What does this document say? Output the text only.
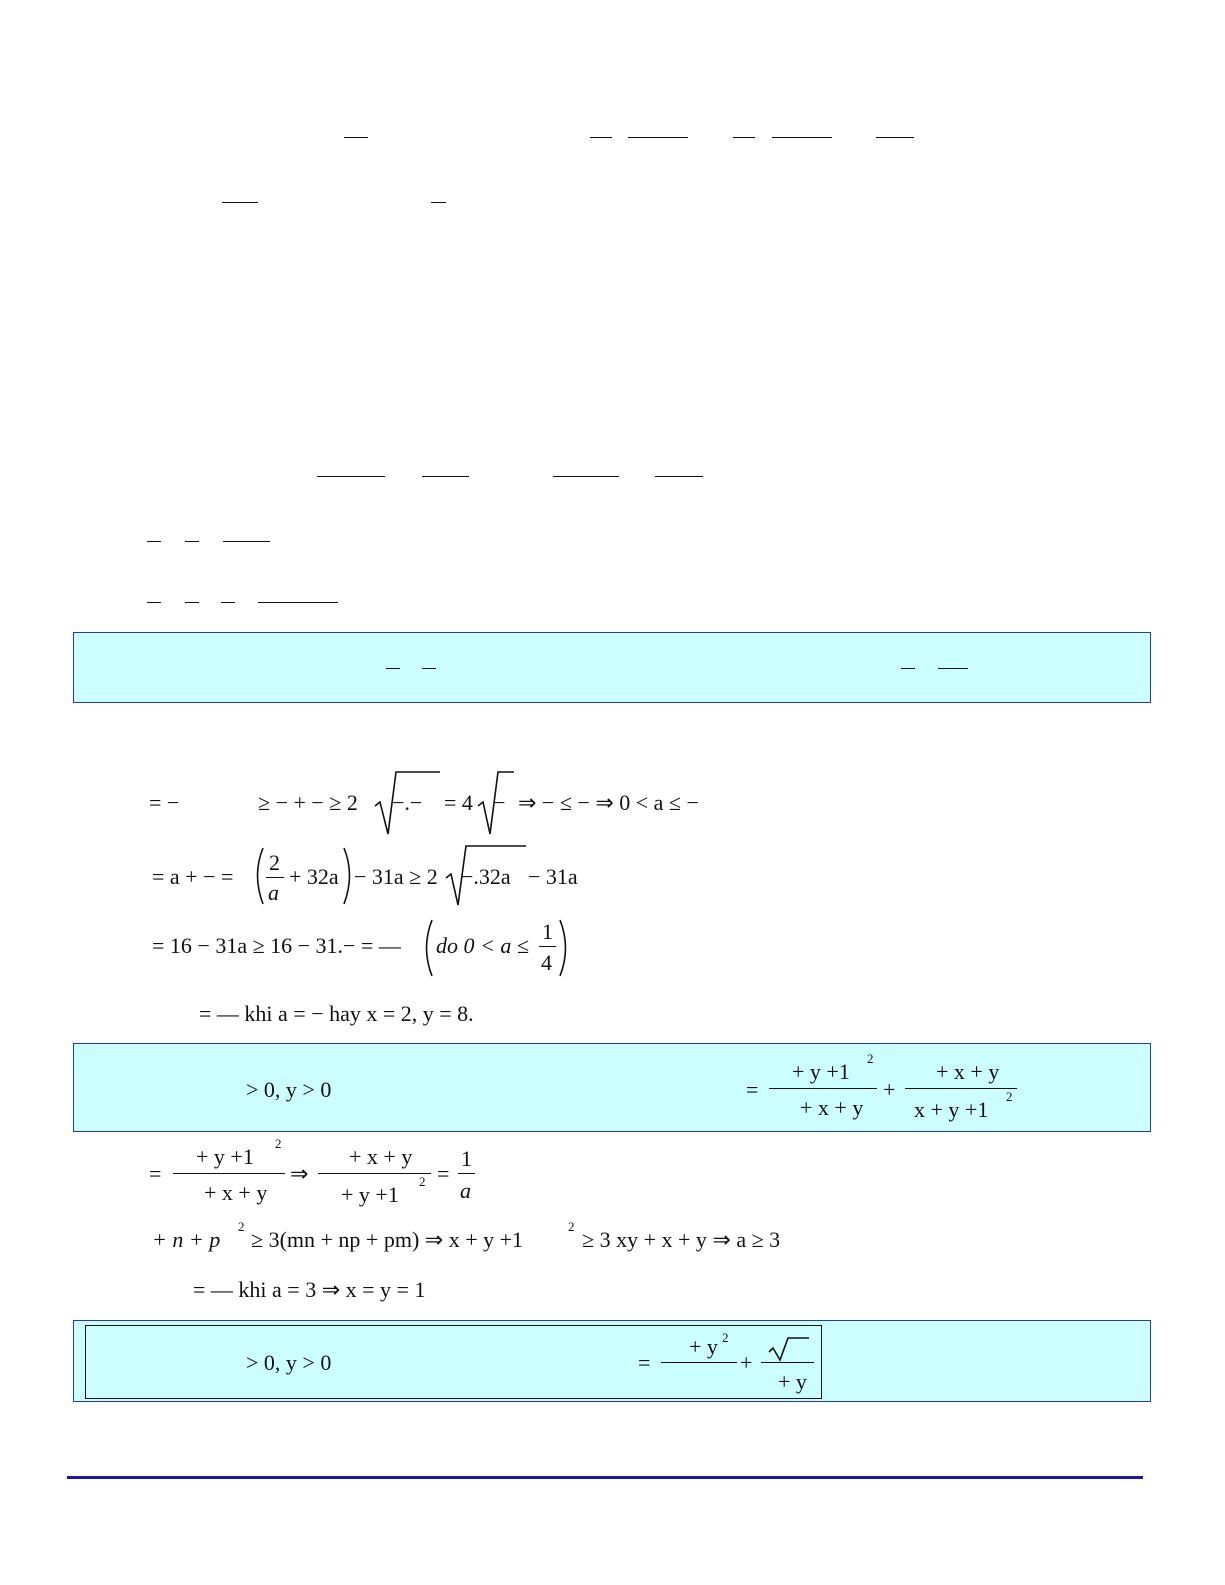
= −	≥ − + − ≥ 2 −.− = 4 − ⇒ − ≤ − ⇒ 0 < a ≤ −
= a + − =
2
a
+ 32a − 31a ≥ 2 −.32a − 31a
= 16 − 31a ≥ 16 − 31.− = — do 0 < a ≤
1
4
= — khi a = − hay x = 2, y = 8.
> 0, y > 0	=
+ y +1
2
+ x + y
+
+ x + y
x + y +1
2
=
+ y +1
2
+ x + y
⇒
+ x + y
+ y +1
2 =
1
a
+ n + p
2
≥ 3(mn + np + pm) ⇒ x + y +1
2
≥ 3 xy + x + y ⇒ a ≥ 3
= — khi a = 3 ⇒ x = y = 1
> 0, y > 0	=
+ y 2
+
+ y
